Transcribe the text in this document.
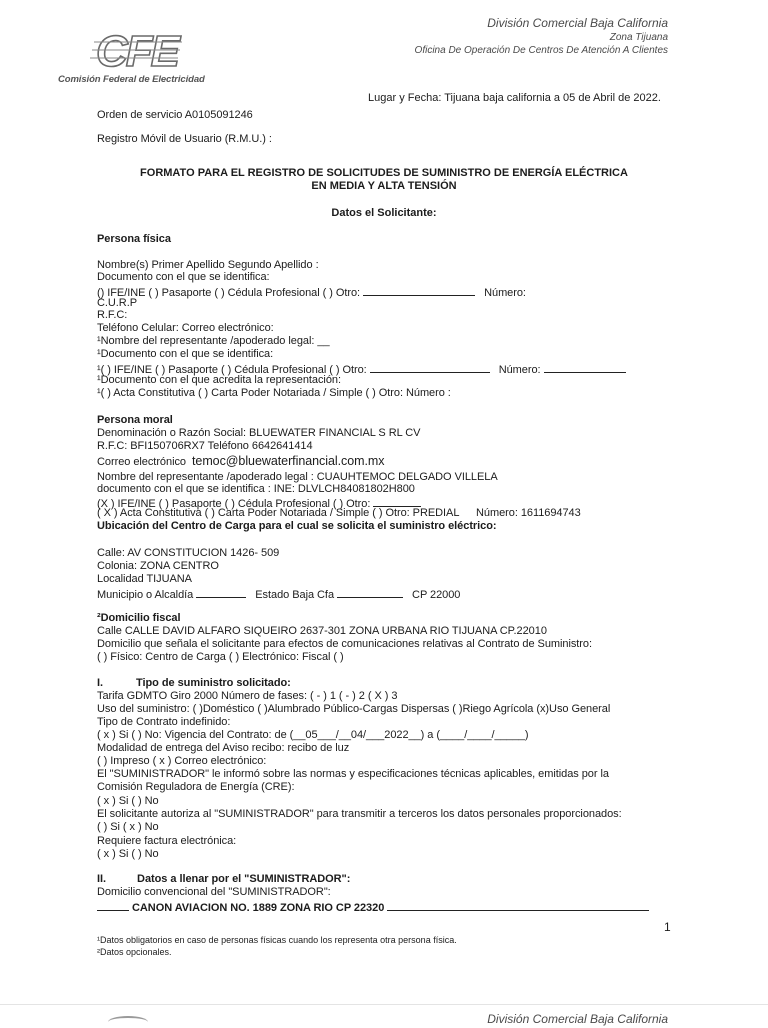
CFE
Comisión Federal de Electricidad
División Comercial Baja California
Zona Tijuana
Oficina De Operación De Centros De Atención A Clientes
Lugar y Fecha: Tijuana baja california a 05 de Abril de 2022.
Orden de servicio A0105091246
Registro Móvil de Usuario (R.M.U.) :
FORMATO PARA EL REGISTRO DE SOLICITUDES DE SUMINISTRO DE ENERGÍA ELÉCTRICA
EN MEDIA Y ALTA TENSIÓN
Datos el Solicitante:
Persona física
Nombre(s) Primer Apellido Segundo Apellido :
Documento con el que se identifica:
() IFE/INE ( ) Pasaporte ( ) Cédula Profesional ( ) Otro:	Número:
C.U.R.P
R.F.C:
Teléfono Celular: Correo electrónico:
¹Nombre del representante /apoderado legal: __
¹Documento con el que se identifica:
¹( ) IFE/INE ( ) Pasaporte ( ) Cédula Profesional ( ) Otro:	Número:
¹Documento con el que acredita la representación:
¹( ) Acta Constitutiva ( ) Carta Poder Notariada / Simple ( ) Otro: Número :
Persona moral
Denominación o Razón Social: BLUEWATER FINANCIAL S RL CV
R.F.C: BFI150706RX7 Teléfono 6642641414
Correo electrónico temoc@bluewaterfinancial.com.mx
Nombre del representante /apoderado legal : CUAUHTEMOC DELGADO VILLELA
documento con el que se identifica : INE: DLVLCH84081802H800
(X ) IFE/INE ( ) Pasaporte ( ) Cédula Profesional ( ) Otro:
( X ) Acta Constitutiva ( ) Carta Poder Notariada / Simple ( ) Otro: PREDIAL Número: 1611694743
Ubicación del Centro de Carga para el cual se solicita el suministro eléctrico:
Calle: AV CONSTITUCION 1426- 509
Colonia: ZONA CENTRO
Localidad TIJUANA
Municipio o Alcaldía	Estado Baja Cfa	CP 22000
²Domicilio fiscal
Calle CALLE DAVID ALFARO SIQUEIRO 2637-301 ZONA URBANA RIO TIJUANA CP.22010
Domicilio que señala el solicitante para efectos de comunicaciones relativas al Contrato de Suministro:
( ) Físico: Centro de Carga ( ) Electrónico: Fiscal ( )
I.	Tipo de suministro solicitado:
Tarifa GDMTO Giro 2000 Número de fases: ( - ) 1 ( - ) 2 ( X ) 3
Uso del suministro: ( )Doméstico ( )Alumbrado Público-Cargas Dispersas ( )Riego Agrícola (x)Uso General
Tipo de Contrato indefinido:
( x ) Si ( ) No: Vigencia del Contrato: de (__05___/__04/___2022__) a (____/____/_____)
Modalidad de entrega del Aviso recibo: recibo de luz
( ) Impreso ( x ) Correo electrónico:
El "SUMINISTRADOR" le informó sobre las normas y especificaciones técnicas aplicables, emitidas por la
Comisión Reguladora de Energía (CRE):
( x ) Si ( ) No
El solicitante autoriza al "SUMINISTRADOR" para transmitir a terceros los datos personales proporcionados:
( ) Si ( x ) No
Requiere factura electrónica:
( x ) Si ( ) No
II.	Datos a llenar por el "SUMINISTRADOR":
Domicilio convencional del "SUMINISTRADOR":
CANON AVIACION NO. 1889 ZONA RIO CP 22320
1
¹Datos obligatorios en caso de personas físicas cuando los representa otra persona física.
²Datos opcionales.
División Comercial Baja California
